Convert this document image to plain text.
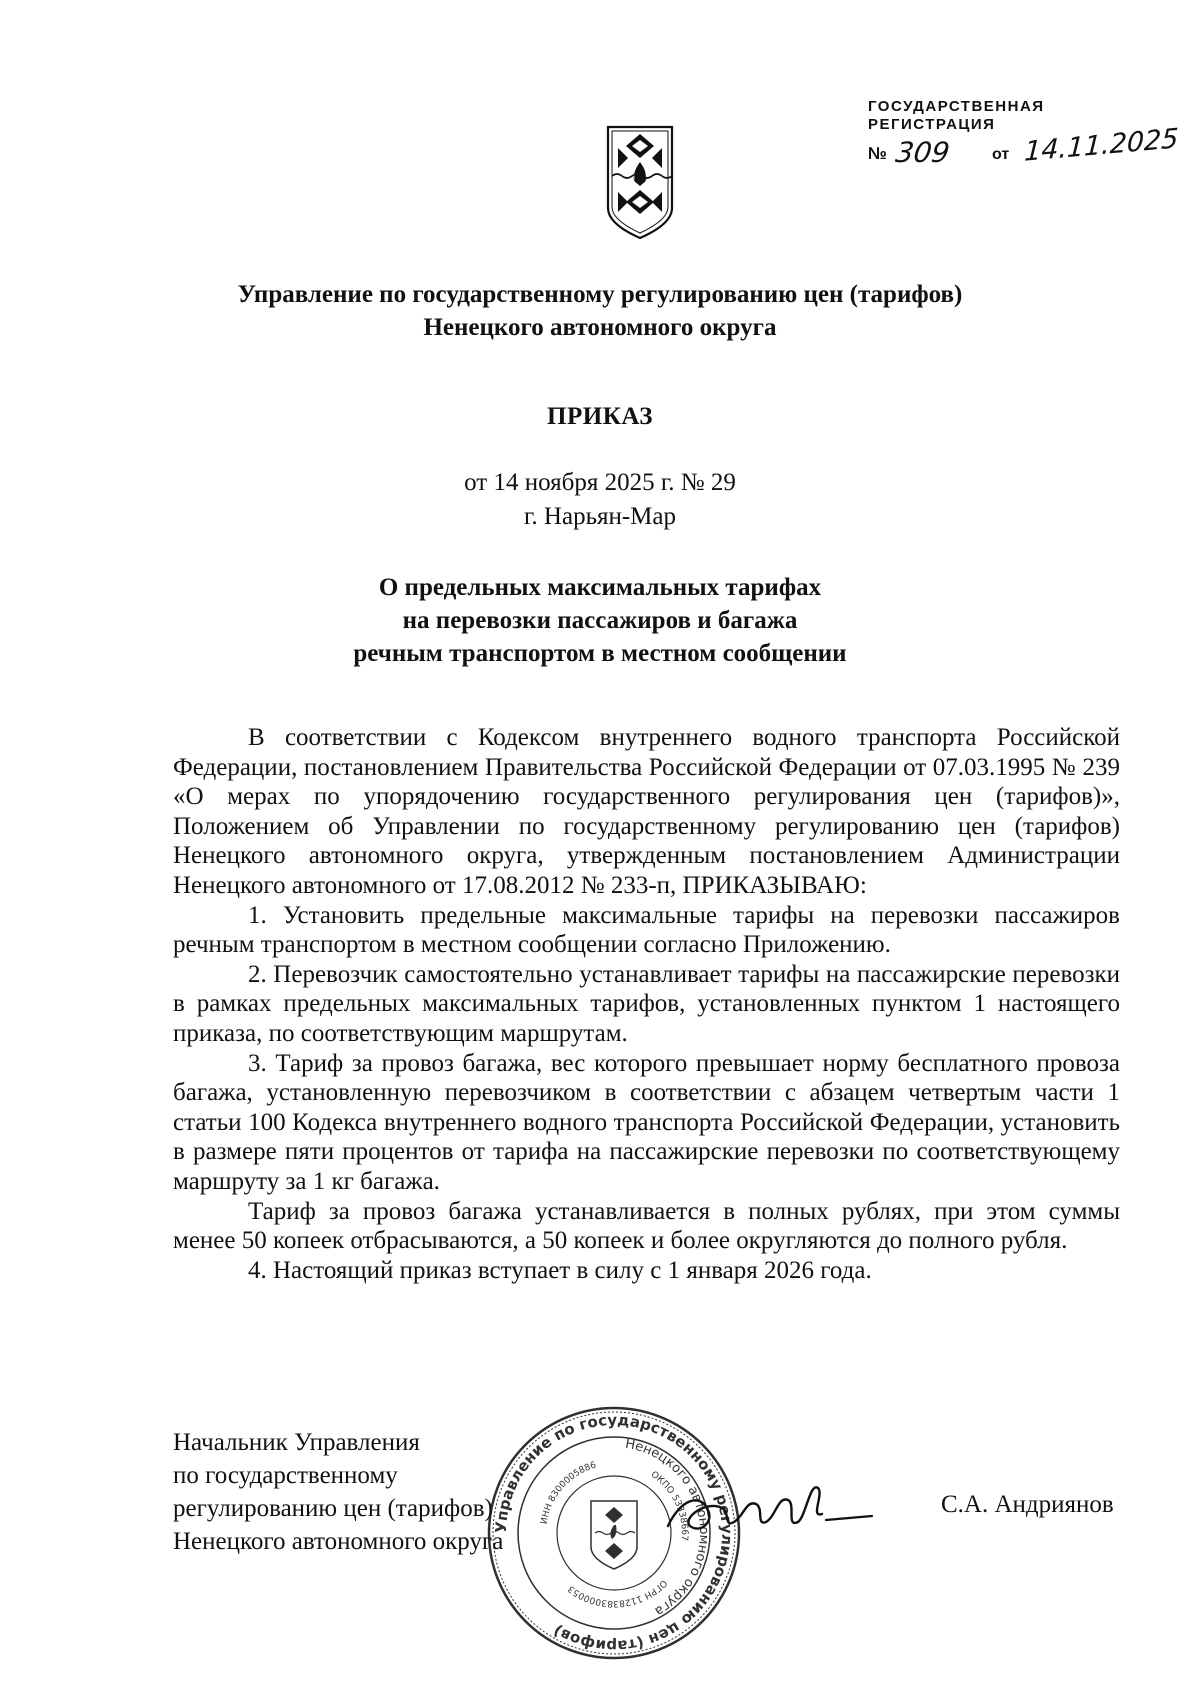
ГОСУДАРСТВЕННАЯ
РЕГИСТРАЦИЯ
№ 309	от 14.11.2025
Управление по государственному регулированию цен (тарифов)
Ненецкого автономного округа
ПРИКАЗ
от 14 ноября 2025 г. № 29
г. Нарьян-Мар
О предельных максимальных тарифах
на перевозки пассажиров и багажа
речным транспортом в местном сообщении

В соответствии с Кодексом внутреннего водного транспорта Российской Федерации, постановлением Правительства Российской Федерации от 07.03.1995 № 239 «О мерах по упорядочению государственного регулирования цен (тарифов)», Положением об Управлении по государственному регулированию цен (тарифов) Ненецкого автономного округа, утвержденным постановлением Администрации Ненецкого автономного от 17.08.2012 № 233-п, ПРИКАЗЫВАЮ:

1. Установить предельные максимальные тарифы на перевозки пассажиров речным транспортом в местном сообщении согласно Приложению.

2. Перевозчик самостоятельно устанавливает тарифы на пассажирские перевозки в рамках предельных максимальных тарифов, установленных пунктом 1 настоящего приказа, по соответствующим маршрутам.

3. Тариф за провоз багажа, вес которого превышает норму бесплатного провоза багажа, установленную перевозчиком в соответствии с абзацем четвертым части 1 статьи 100 Кодекса внутреннего водного транспорта Российской Федерации, установить в размере пяти процентов от тарифа на пассажирские перевозки по соответствующему маршруту за 1 кг багажа.

Тариф за провоз багажа устанавливается в полных рублях, при этом суммы менее 50 копеек отбрасываются, а 50 копеек и более округляются до полного рубля.

4. Настоящий приказ вступает в силу с 1 января 2026 года.

Начальник Управления
по государственному
регулированию цен (тарифов)
Ненецкого автономного округа
Управление по государственному регулированию цен (тарифов)
Ненецкого автономного округа
ИНН 8300005886
ОКПО 53338667
ОГРН 1128383000053
С.А. Андриянов
